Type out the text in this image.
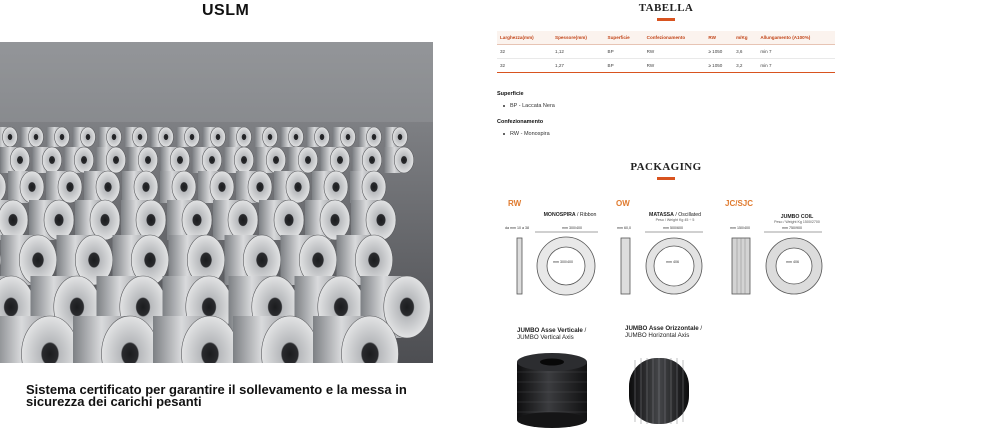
USLM
Sistema certificato per garantire il sollevamento e la messa in sicurezza dei carichi pesanti
TABELLA
Larghezza(mm)	Spessore(mm)	Superficie	Confezionamento	RW	m/Kg	Allungamento (A100%)
32	1,12	BP	RW	≥ 1050	3,6	min 7
32	1,27	BP	RW	≥ 1050	3,2	min 7
Superficie
BP - Laccata Nera
Confezionamento
RW - Monospira
PACKAGING
RW
MONOSPIRA / Ribbon
da mm 10 a 38	mm 300/400
mm 300/400
OW
MATASSA / Oscillated
Peso / Weight Kg 45 ÷ 5
mm 60,0	mm 500/600
mm 406
JC/SJC
JUMBO COIL
Peso / Weight Kg 1500/2700
mm 150/400	mm 750/900
mm 406
JUMBO Asse Verticale /
JUMBO Vertical Axis
JUMBO Asse Orizzontale /
JUMBO Horizontal Axis
